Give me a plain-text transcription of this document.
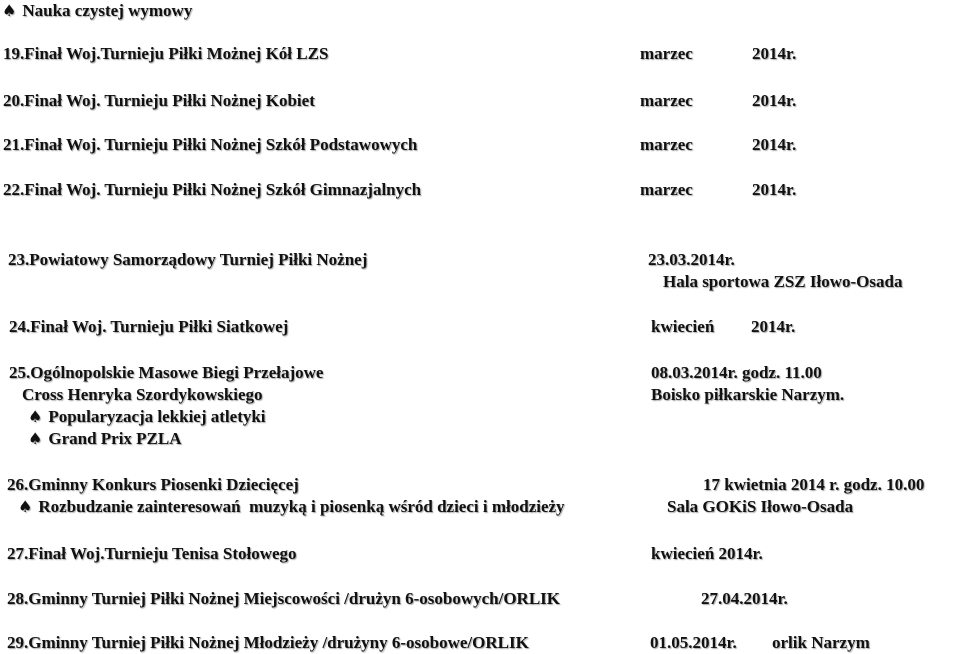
♠ Nauka czystej wymowy
19.Finał Woj.Turnieju Piłki Możnej Kół LZS	marzec	2014r.
20.Finał Woj. Turnieju Piłki Nożnej Kobiet	marzec	2014r.
21.Finał Woj. Turnieju Piłki Nożnej Szkół Podstawowych	marzec	2014r.
22.Finał Woj. Turnieju Piłki Nożnej Szkół Gimnazjalnych	marzec	2014r.
23.Powiatowy Samorządowy Turniej Piłki Nożnej	23.03.2014r.
Hala sportowa ZSZ Iłowo-Osada
24.Finał Woj. Turnieju Piłki Siatkowej	kwiecień 2014r.
25.Ogólnopolskie Masowe Biegi Przełajowe	08.03.2014r. godz. 11.00
Cross Henryka Szordykowskiego	Boisko piłkarskie Narzym.
♠ Popularyzacja lekkiej atletyki
♠ Grand Prix PZLA
26.Gminny Konkurs Piosenki Dziecięcej	17 kwietnia 2014 r. godz. 10.00
♠ Rozbudzanie zainteresowań  muzyką i piosenką wśród dzieci i młodzieży	Sala GOKiS Iłowo-Osada
27.Finał Woj.Turnieju Tenisa Stołowego	kwiecień 2014r.
28.Gminny Turniej Piłki Nożnej Miejscowości /drużyn 6-osobowych/ORLIK	27.04.2014r.
29.Gminny Turniej Piłki Nożnej Młodzieży /drużyny 6-osobowe/ORLIK	01.05.2014r. orlik Narzym
